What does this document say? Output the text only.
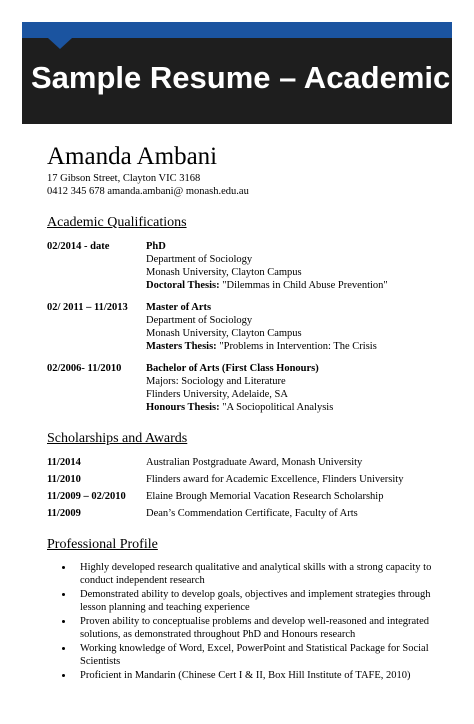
Sample Resume – Academic
Amanda Ambani
17 Gibson Street, Clayton VIC 3168
0412 345 678 amanda.ambani@ monash.edu.au
Academic Qualifications
02/2014 - date	PhD
Department of Sociology
Monash University, Clayton Campus
Doctoral Thesis: "Dilemmas in Child Abuse Prevention"
02/ 2011 – 11/2013	Master of Arts
Department of Sociology
Monash University, Clayton Campus
Masters Thesis: "Problems in Intervention: The Crisis
02/2006- 11/2010	Bachelor of Arts (First Class Honours)
Majors: Sociology and Literature
Flinders University, Adelaide, SA
Honours Thesis: "A Sociopolitical Analysis
Scholarships and Awards
11/2014	Australian Postgraduate Award, Monash University
11/2010	Flinders award for Academic Excellence, Flinders University
11/2009 – 02/2010	Elaine Brough Memorial Vacation Research Scholarship
11/2009	Dean’s Commendation Certificate, Faculty of Arts
Professional Profile
• Highly developed research qualitative and analytical skills with a strong capacity to conduct independent research
• Demonstrated ability to develop goals, objectives and implement strategies through lesson planning and teaching experience
• Proven ability to conceptualise problems and develop well-reasoned and integrated solutions, as demonstrated throughout PhD and Honours research
• Working knowledge of Word, Excel, PowerPoint and Statistical Package for Social Scientists
• Proficient in Mandarin (Chinese Cert I & II, Box Hill Institute of TAFE, 2010)
